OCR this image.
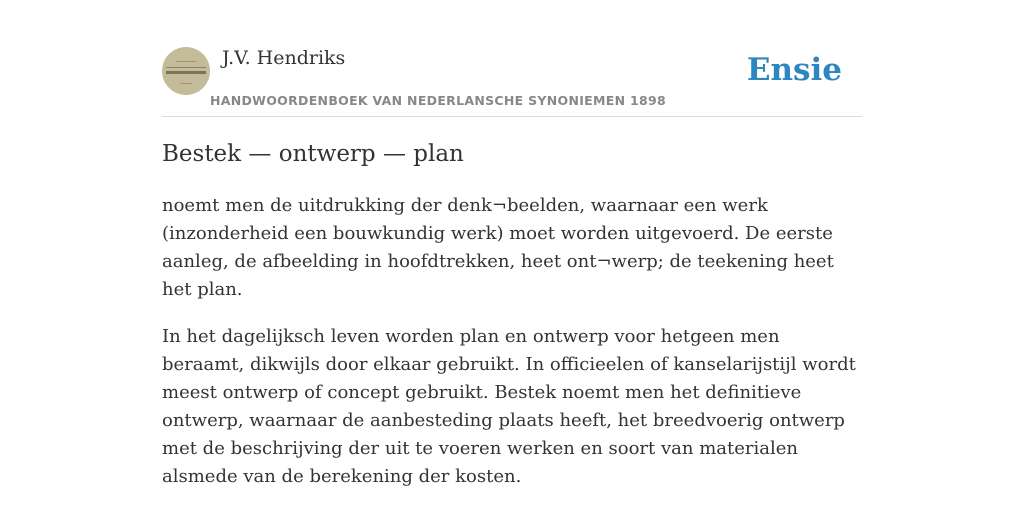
J.V. Hendriks
HANDWOORDENBOEK VAN NEDERLANSCHE SYNONIEMEN 1898
Ensie
Bestek — ontwerp — plan

noemt men de uitdrukking der denk¬beelden, waarnaar een werk (inzonderheid een bouwkundig werk) moet worden uitgevoerd. De eerste aanleg, de afbeelding in hoofdtrekken, heet ont¬werp; de teekening heet het plan.

In het dagelijksch leven worden plan en ontwerp voor hetgeen men beraamt, dikwijls door elkaar gebruikt. In officieelen of kanselarijstijl wordt meest ontwerp of concept gebruikt. Bestek noemt men het definitieve ontwerp, waarnaar de aanbesteding plaats heeft, het breedvoerig ontwerp met de beschrijving der uit te voeren werken en soort van materialen alsmede van de berekening der kosten.
